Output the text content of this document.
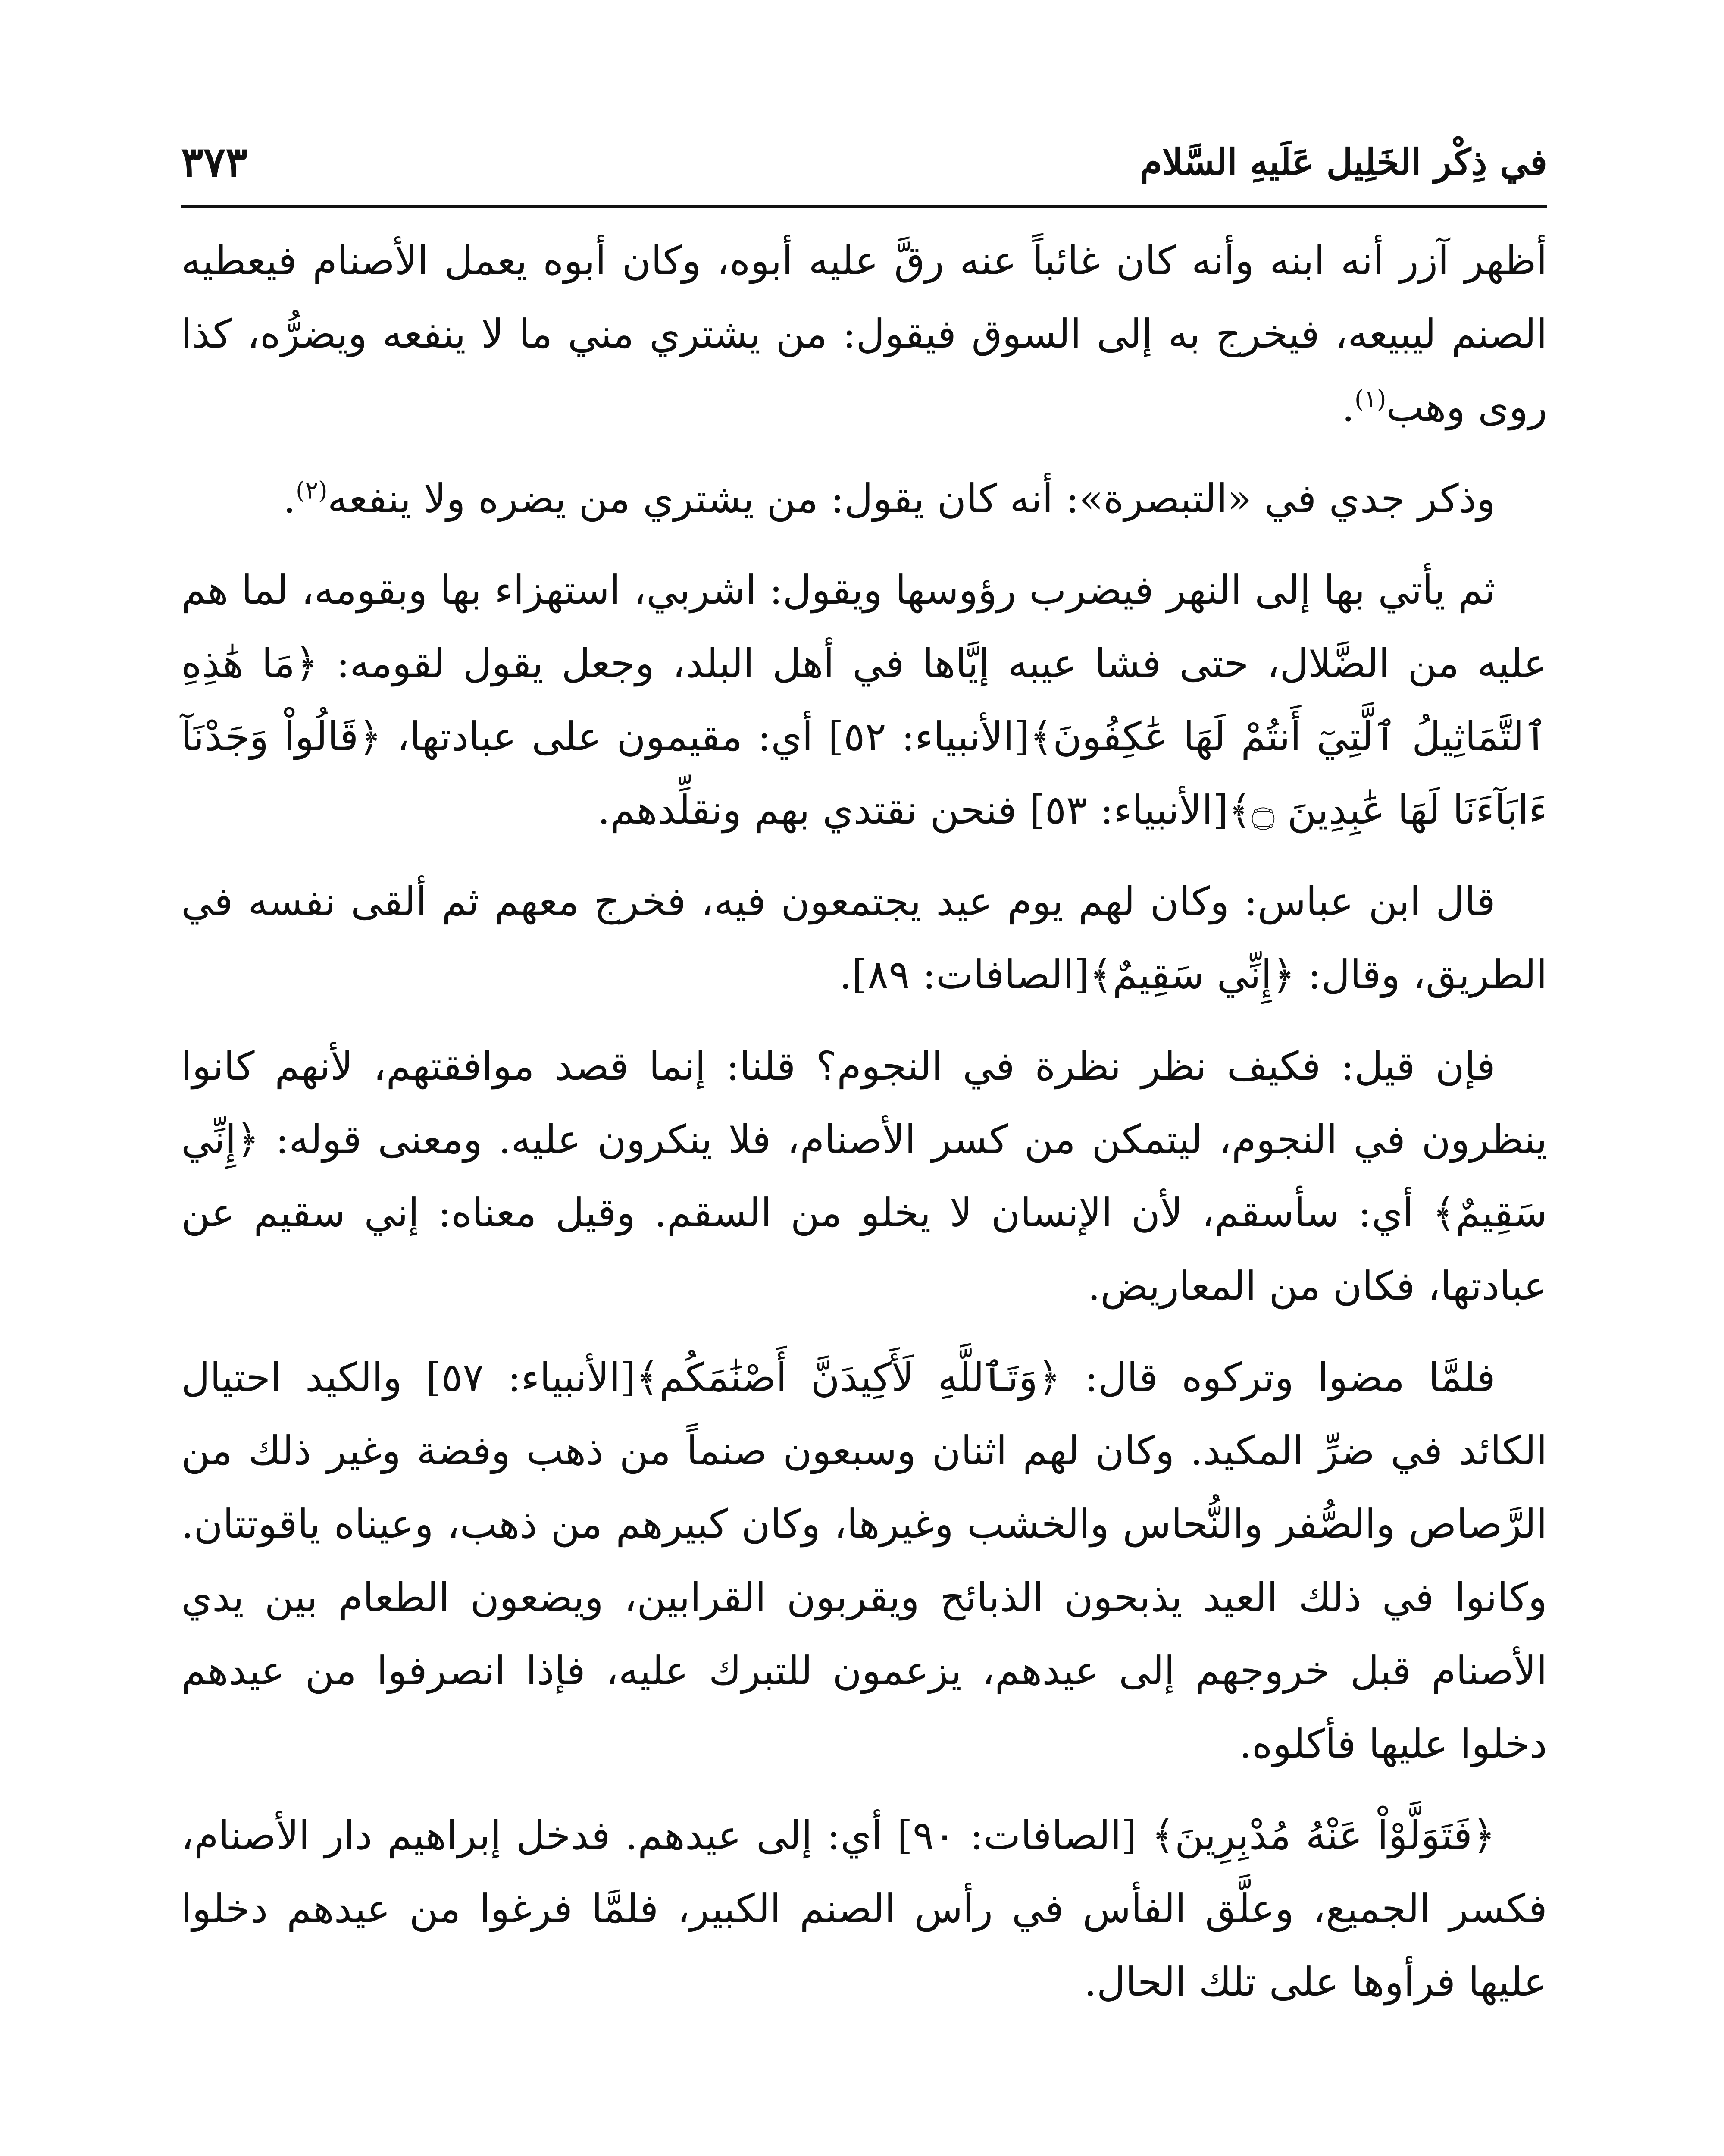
في ذِكْر الخَلِيل عَلَيهِ السَّلام
٣٧٣

أظهر آزر أنه ابنه وأنه كان غائباً عنه رقَّ عليه أبوه، وكان أبوه يعمل الأصنام فيعطيه الصنم ليبيعه، فيخرج به إلى السوق فيقول: من يشتري مني ما لا ينفعه ويضرُّه، كذا روى وهب$^{(١)}$.

وذكر جدي في «التبصرة»: أنه كان يقول: من يشتري من يضره ولا ينفعه$^{(٢)}$.

ثم يأتي بها إلى النهر فيضرب رؤوسها ويقول: اشربي، استهزاء بها وبقومه، لما هم عليه من الضَّلال، حتى فشا عيبه إيَّاها في أهل البلد، وجعل يقول لقومه: ﴿مَا هَٰذِهِ ٱلتَّمَاثِيلُ ٱلَّتِيٓ أَنتُمْ لَهَا عَٰكِفُونَ﴾[الأنبياء: ٥٢] أي: مقيمون على عبادتها، ﴿قَالُواْ وَجَدْنَآ ءَابَآءَنَا لَهَا عَٰبِدِينَ ۝﴾[الأنبياء: ٥٣] فنحن نقتدي بهم ونقلِّدهم.

قال ابن عباس: وكان لهم يوم عيد يجتمعون فيه، فخرج معهم ثم ألقى نفسه في الطريق، وقال: ﴿إِنِّي سَقِيمٌ﴾[الصافات: ٨٩].

فإن قيل: فكيف نظر نظرة في النجوم؟ قلنا: إنما قصد موافقتهم، لأنهم كانوا ينظرون في النجوم، ليتمكن من كسر الأصنام، فلا ينكرون عليه. ومعنى قوله: ﴿إِنِّي سَقِيمٌ﴾ أي: سأسقم، لأن الإنسان لا يخلو من السقم. وقيل معناه: إني سقيم عن عبادتها، فكان من المعاريض.

فلمَّا مضوا وتركوه قال: ﴿وَتَٱللَّهِ لَأَكِيدَنَّ أَصْنَٰمَكُم﴾[الأنبياء: ٥٧] والكيد احتيال الكائد في ضرِّ المكيد. وكان لهم اثنان وسبعون صنماً من ذهب وفضة وغير ذلك من الرَّصاص والصُّفر والنُّحاس والخشب وغيرها، وكان كبيرهم من ذهب، وعيناه ياقوتتان. وكانوا في ذلك العيد يذبحون الذبائح ويقربون القرابين، ويضعون الطعام بين يدي الأصنام قبل خروجهم إلى عيدهم، يزعمون للتبرك عليه، فإذا انصرفوا من عيدهم دخلوا عليها فأكلوه.

﴿فَتَوَلَّوْاْ عَنْهُ مُدْبِرِينَ﴾ [الصافات: ٩٠] أي: إلى عيدهم. فدخل إبراهيم دار الأصنام، فكسر الجميع، وعلَّق الفأس في رأس الصنم الكبير، فلمَّا فرغوا من عيدهم دخلوا عليها فرأوها على تلك الحال.
